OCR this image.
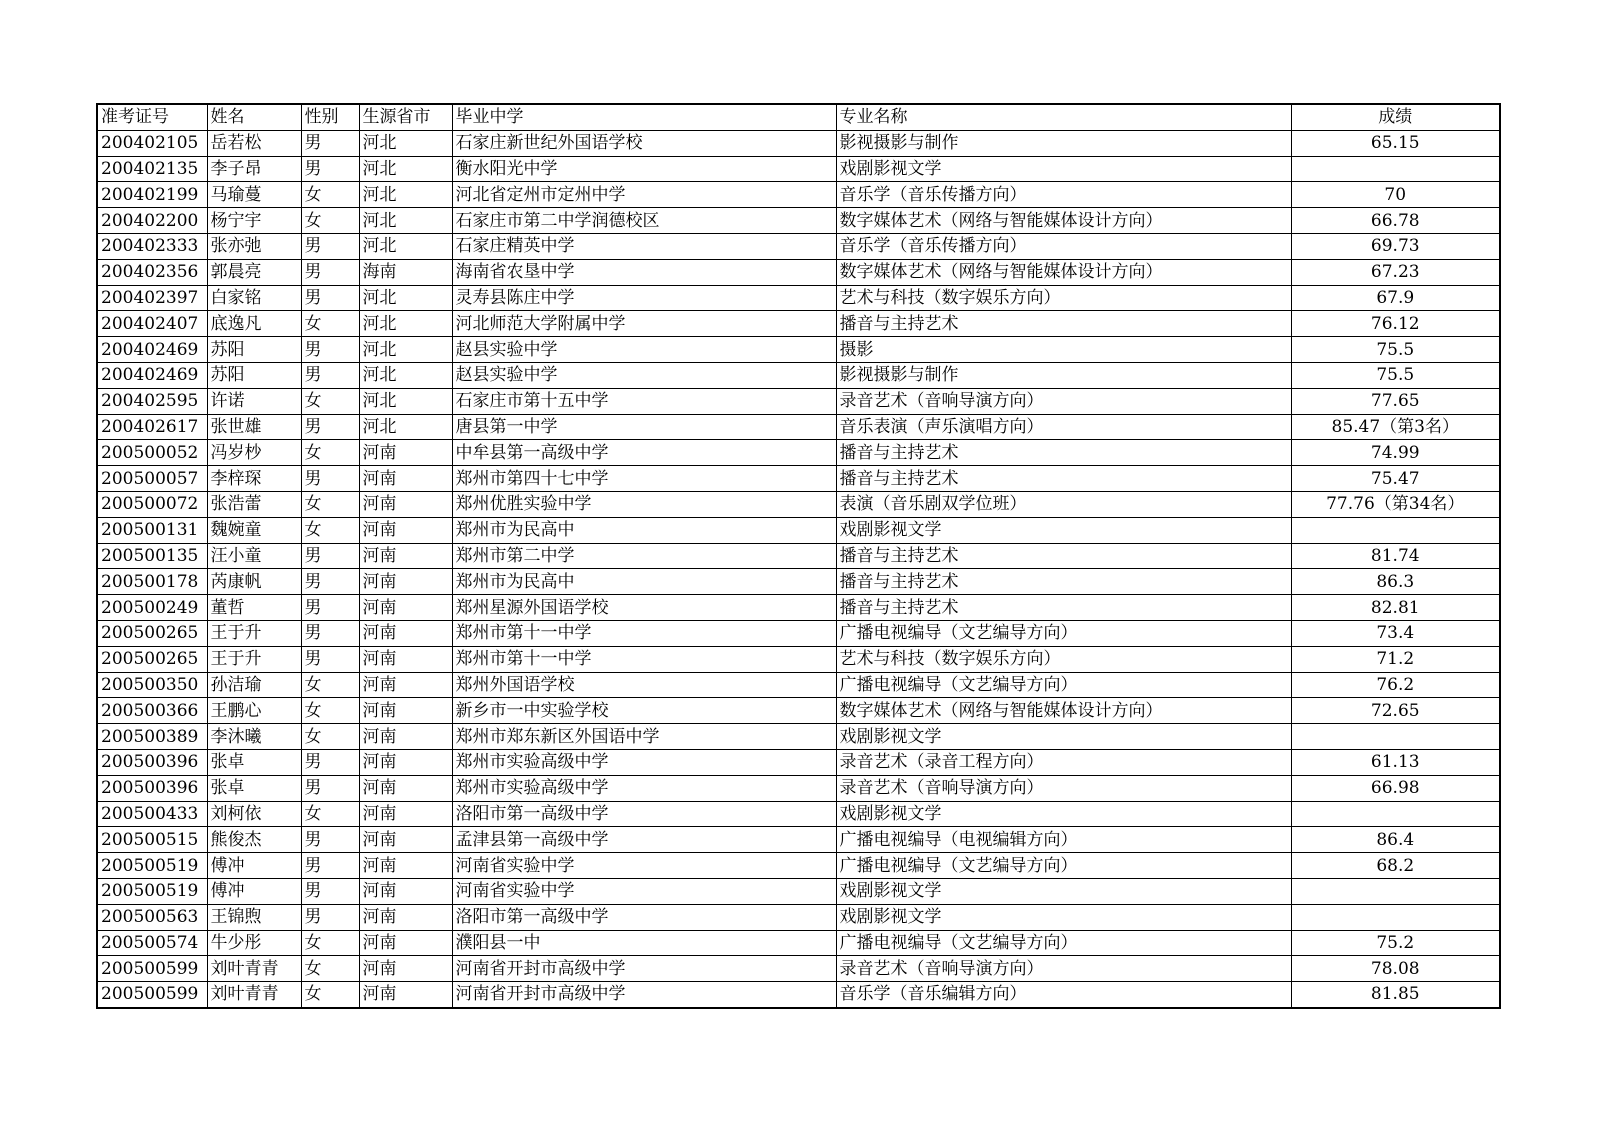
准考证号	姓名	性别	生源省市	毕业中学	专业名称	成绩
200402105	岳若松	男	河北	石家庄新世纪外国语学校	影视摄影与制作	65.15
200402135	李子昂	男	河北	衡水阳光中学	戏剧影视文学	
200402199	马瑜蔓	女	河北	河北省定州市定州中学	音乐学（音乐传播方向）	70
200402200	杨宁宇	女	河北	石家庄市第二中学润德校区	数字媒体艺术（网络与智能媒体设计方向）	66.78
200402333	张亦弛	男	河北	石家庄精英中学	音乐学（音乐传播方向）	69.73
200402356	郭晨亮	男	海南	海南省农垦中学	数字媒体艺术（网络与智能媒体设计方向）	67.23
200402397	白家铭	男	河北	灵寿县陈庄中学	艺术与科技（数字娱乐方向）	67.9
200402407	底逸凡	女	河北	河北师范大学附属中学	播音与主持艺术	76.12
200402469	苏阳	男	河北	赵县实验中学	摄影	75.5
200402469	苏阳	男	河北	赵县实验中学	影视摄影与制作	75.5
200402595	许诺	女	河北	石家庄市第十五中学	录音艺术（音响导演方向）	77.65
200402617	张世雄	男	河北	唐县第一中学	音乐表演（声乐演唱方向）	85.47（第3名）
200500052	冯岁杪	女	河南	中牟县第一高级中学	播音与主持艺术	74.99
200500057	李梓琛	男	河南	郑州市第四十七中学	播音与主持艺术	75.47
200500072	张浩蕾	女	河南	郑州优胜实验中学	表演（音乐剧双学位班）	77.76（第34名）
200500131	魏婉童	女	河南	郑州市为民高中	戏剧影视文学	
200500135	汪小童	男	河南	郑州市第二中学	播音与主持艺术	81.74
200500178	芮康帆	男	河南	郑州市为民高中	播音与主持艺术	86.3
200500249	董哲	男	河南	郑州星源外国语学校	播音与主持艺术	82.81
200500265	王于升	男	河南	郑州市第十一中学	广播电视编导（文艺编导方向）	73.4
200500265	王于升	男	河南	郑州市第十一中学	艺术与科技（数字娱乐方向）	71.2
200500350	孙洁瑜	女	河南	郑州外国语学校	广播电视编导（文艺编导方向）	76.2
200500366	王鹏心	女	河南	新乡市一中实验学校	数字媒体艺术（网络与智能媒体设计方向）	72.65
200500389	李沐曦	女	河南	郑州市郑东新区外国语中学	戏剧影视文学	
200500396	张卓	男	河南	郑州市实验高级中学	录音艺术（录音工程方向）	61.13
200500396	张卓	男	河南	郑州市实验高级中学	录音艺术（音响导演方向）	66.98
200500433	刘柯依	女	河南	洛阳市第一高级中学	戏剧影视文学	
200500515	熊俊杰	男	河南	孟津县第一高级中学	广播电视编导（电视编辑方向）	86.4
200500519	傅冲	男	河南	河南省实验中学	广播电视编导（文艺编导方向）	68.2
200500519	傅冲	男	河南	河南省实验中学	戏剧影视文学	
200500563	王锦煦	男	河南	洛阳市第一高级中学	戏剧影视文学	
200500574	牛少彤	女	河南	濮阳县一中	广播电视编导（文艺编导方向）	75.2
200500599	刘叶青青	女	河南	河南省开封市高级中学	录音艺术（音响导演方向）	78.08
200500599	刘叶青青	女	河南	河南省开封市高级中学	音乐学（音乐编辑方向）	81.85
